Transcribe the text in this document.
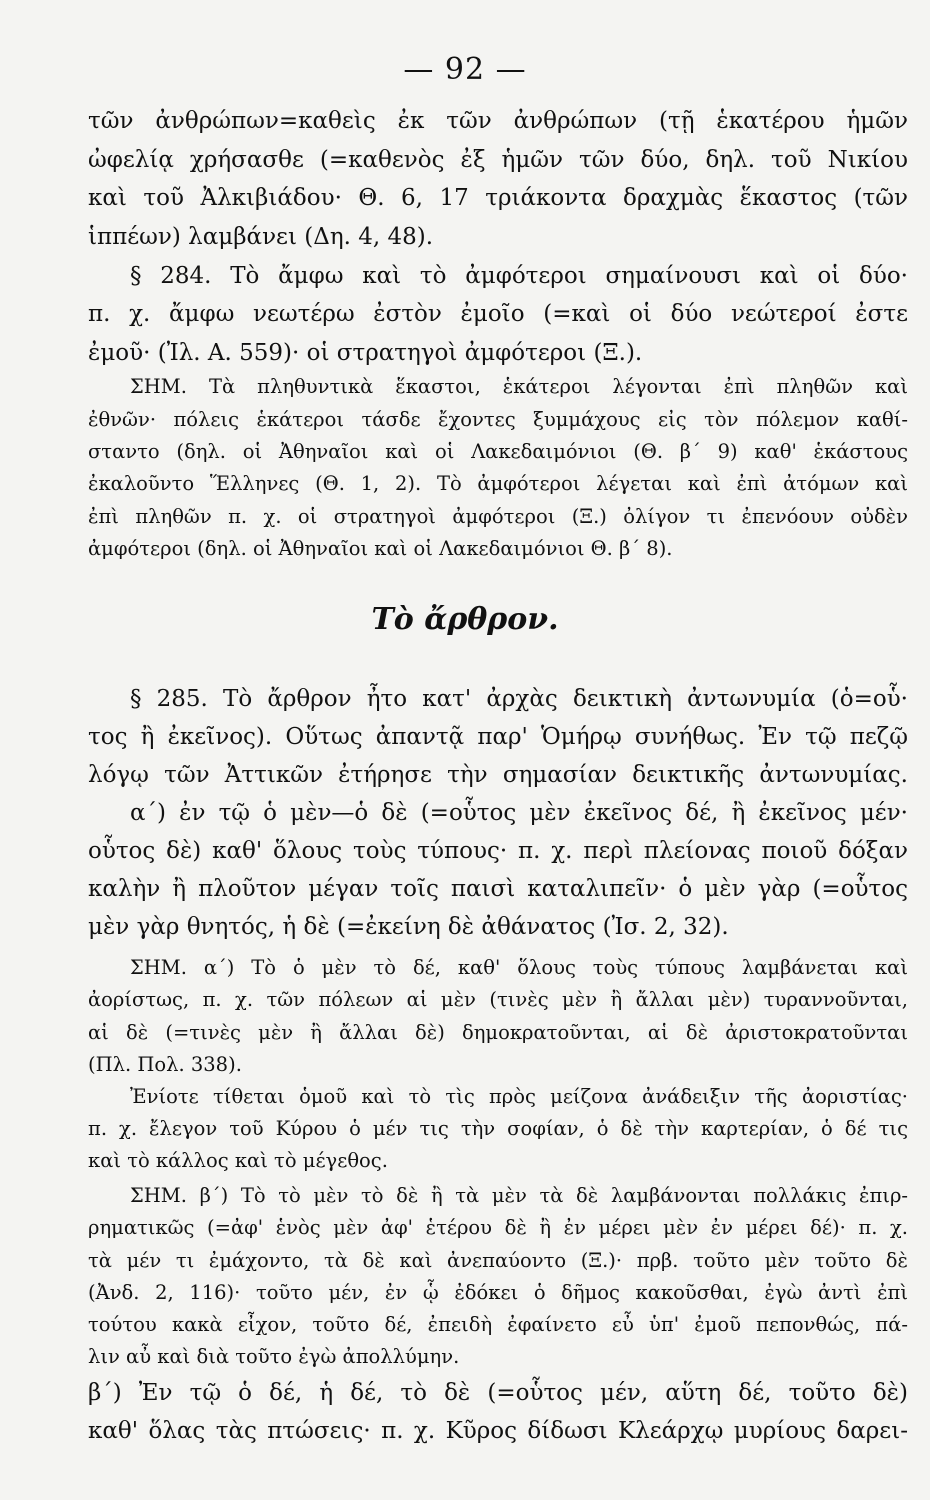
— 92 —
τῶν ἀνθρώπων=καθεὶς ἐκ τῶν ἀνθρώπων (τῇ ἑκατέρου ἡμῶν
ὠφελίᾳ χρήσασθε (=καθενὸς ἐξ ἡμῶν τῶν δύο, δηλ. τοῦ Νικίου
καὶ τοῦ Ἀλκιβιάδου· Θ. 6, 17 τριάκοντα δραχμὰς ἕκαστος (τῶν
ἱππέων) λαμβάνει (Δη. 4, 48).
§ 284. Τὸ ἄμφω καὶ τὸ ἀμφότεροι σημαίνουσι καὶ οἱ δύο·
π. χ. ἄμφω νεωτέρω ἐστὸν ἐμοῖο (=καὶ οἱ δύο νεώτεροί ἐστε
ἐμοῦ· (Ἰλ. Α. 559)· οἱ στρατηγοὶ ἀμφότεροι (Ξ.).
ΣΗΜ. Τὰ πληθυντικὰ ἕκαστοι, ἑκάτεροι λέγονται ἐπὶ πληθῶν καὶ
ἐθνῶν· πόλεις ἑκάτεροι τάσδε ἔχοντες ξυμμάχους εἰς τὸν πόλεμον καθί-
σταντο (δηλ. οἱ Ἀθηναῖοι καὶ οἱ Λακεδαιμόνιοι (Θ. β΄ 9) καθ' ἑκάστους
ἐκαλοῦντο Ἕλληνες (Θ. 1, 2). Τὸ ἀμφότεροι λέγεται καὶ ἐπὶ ἀτόμων καὶ
ἐπὶ πληθῶν π. χ. οἱ στρατηγοὶ ἀμφότεροι (Ξ.) ὀλίγον τι ἐπενόουν οὐδὲν
ἀμφότεροι (δηλ. οἱ Ἀθηναῖοι καὶ οἱ Λακεδαιμόνιοι Θ. β΄ 8).
Τὸ ἄρθρον.
§ 285. Τὸ ἄρθρον ἦτο κατ' ἀρχὰς δεικτικὴ ἀντωνυμία (ὁ=οὗ·
τος ἢ ἐκεῖνος). Οὕτως ἀπαντᾷ παρ' Ὁμήρῳ συνήθως. Ἐν τῷ πεζῷ
λόγῳ τῶν Ἀττικῶν ἐτήρησε τὴν σημασίαν δεικτικῆς ἀντωνυμίας.
α΄) ἐν τῷ ὁ μὲν—ὁ δὲ (=οὗτος μὲν ἐκεῖνος δέ, ἢ ἐκεῖνος μέν·
οὗτος δὲ) καθ' ὅλους τοὺς τύπους· π. χ. περὶ πλείονας ποιοῦ δόξαν
καλὴν ἢ πλοῦτον μέγαν τοῖς παισὶ καταλιπεῖν· ὁ μὲν γὰρ (=οὗτος
μὲν γὰρ θνητός, ἡ δὲ (=ἐκείνη δὲ ἀθάνατος (Ἰσ. 2, 32).
ΣΗΜ. α΄) Τὸ ὁ μὲν τὸ δέ, καθ' ὅλους τοὺς τύπους λαμβάνεται καὶ
ἀορίστως, π. χ. τῶν πόλεων αἱ μὲν (τινὲς μὲν ἢ ἄλλαι μὲν) τυραννοῦνται,
αἱ δὲ (=τινὲς μὲν ἢ ἄλλαι δὲ) δημοκρατοῦνται, αἱ δὲ ἀριστοκρατοῦνται
(Πλ. Πολ. 338).
Ἐνίοτε τίθεται ὁμοῦ καὶ τὸ τὶς πρὸς μείζονα ἀνάδειξιν τῆς ἀοριστίας·
π. χ. ἔλεγον τοῦ Κύρου ὁ μέν τις τὴν σοφίαν, ὁ δὲ τὴν καρτερίαν, ὁ δέ τις
καὶ τὸ κάλλος καὶ τὸ μέγεθος.
ΣΗΜ. β΄) Τὸ τὸ μὲν τὸ δὲ ἢ τὰ μὲν τὰ δὲ λαμβάνονται πολλάκις ἐπιρ-
ρηματικῶς (=ἀφ' ἑνὸς μὲν ἀφ' ἑτέρου δὲ ἢ ἐν μέρει μὲν ἐν μέρει δέ)· π. χ.
τὰ μέν τι ἐμάχοντο, τὰ δὲ καὶ ἀνεπαύοντο (Ξ.)· πρβ. τοῦτο μὲν τοῦτο δὲ
(Ἀνδ. 2, 116)· τοῦτο μέν, ἐν ᾧ ἐδόκει ὁ δῆμος κακοῦσθαι, ἐγὼ ἀντὶ ἐπὶ
τούτου κακὰ εἶχον, τοῦτο δέ, ἐπειδὴ ἐφαίνετο εὖ ὑπ' ἐμοῦ πεπονθώς, πά-
λιν αὖ καὶ διὰ τοῦτο ἐγὼ ἀπολλύμην.
β΄) Ἐν τῷ ὁ δέ, ἡ δέ, τὸ δὲ (=οὗτος μέν, αὕτη δέ, τοῦτο δὲ)
καθ' ὅλας τὰς πτώσεις· π. χ. Κῦρος δίδωσι Κλεάρχῳ μυρίους δαρει-
